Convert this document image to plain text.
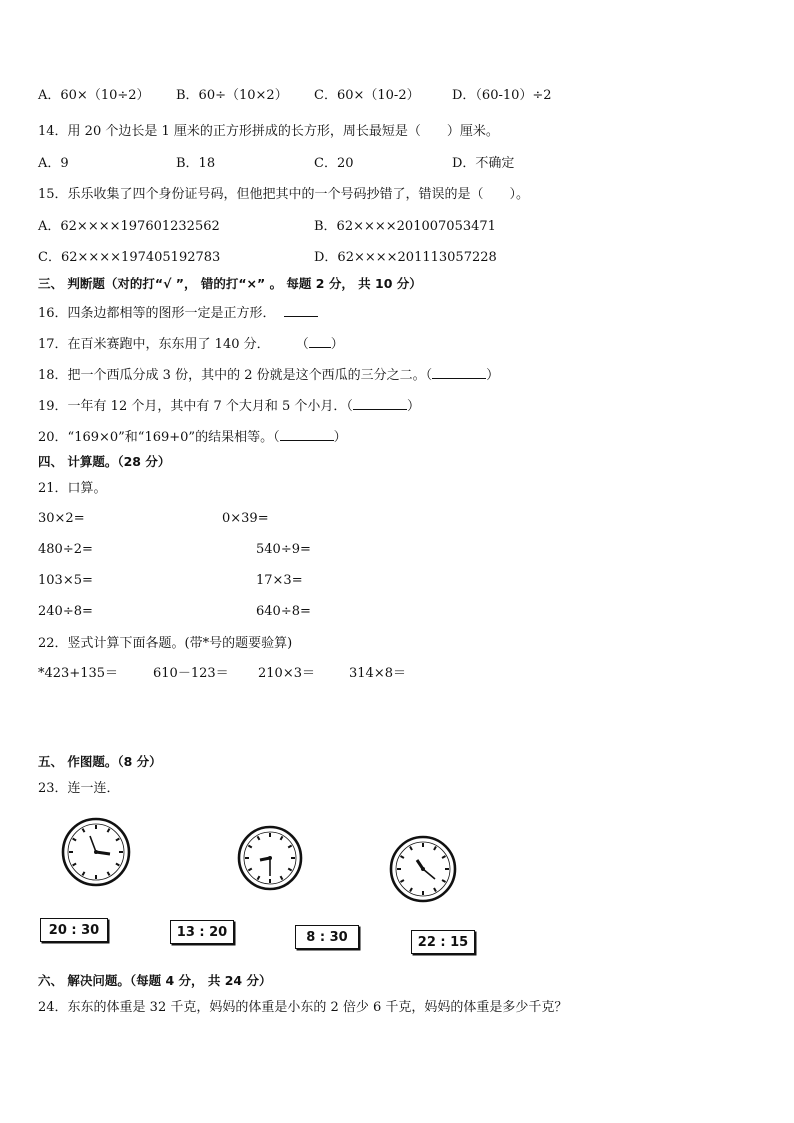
A．60×（10÷2） B．60÷（10×2） C．60×（10-2） D．（60-10）÷2
14．用 20 个边长是 1 厘米的正方形拼成的长方形，周长最短是（　　）厘米。
A．9	B．18	C．20	D．不确定
15．乐乐收集了四个身份证号码，但他把其中的一个号码抄错了，错误的是（　　）。
A．62××××197601232562	B．62××××201007053471
C．62××××197405192783	D．62××××201113057228
三、 判断题（对的打“√ ”， 错的打“×” 。 每题 2 分， 共 10 分）
16．四条边都相等的图形一定是正方形．
17．在百米赛跑中，东东用了 140 分． （ ）
18．把一个西瓜分成 3 份，其中的 2 份就是这个西瓜的三分之二。（	）
19．一年有 12 个月，其中有 7 个大月和 5 个小月．（	）
20．“169×0”和“169+0”的结果相等。（	）
四、 计算题。（28 分）
21．口算。
30×2=	0×39=
480÷2=	540÷9=
103×5=	17×3=
240÷8=	640÷8=
22．竖式计算下面各题。(带*号的题要验算)
*423+135＝	610－123＝ 210×3＝	314×8＝
五、 作图题。（8 分）
23．连一连．
20 : 30	13 : 20	8 : 30	22 : 15
六、 解决问题。（每题 4 分， 共 24 分）
24．东东的体重是 32 千克，妈妈的体重是小东的 2 倍少 6 千克，妈妈的体重是多少千克？
